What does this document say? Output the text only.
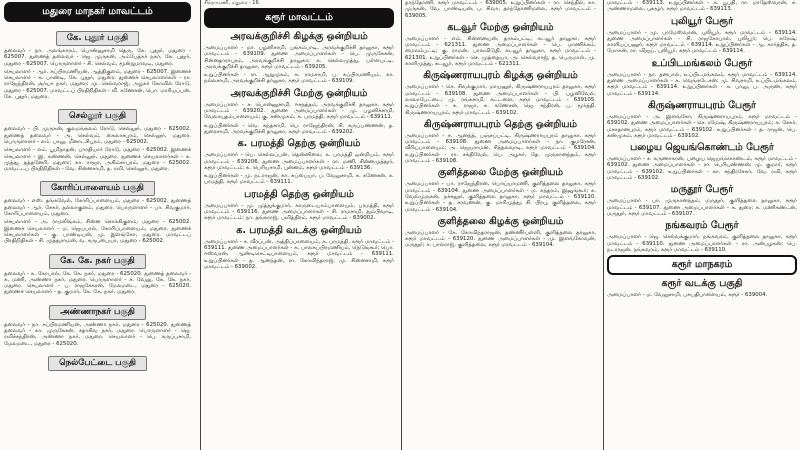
மதுரை மாநகர் மாவட்டம்
கே. புதூர் பகுதி

தலைவர் - நா. அலங்காரம், பொன்னுசாமி தெரு, கே. புதூர், மதுரை - 625007. துணைத் தலைவர் - ஜெ. முருகன், அம்பேத்கர் நகர், கே. புதூர், மதுரை - 625007. பொருளாளர் - சி. செல்வம், மூன்றுமாவடி, மதுரை.

செயலாளர் - ஆர். சுப்பிரமணியன், ஆத்திகுளம், மதுரை - 625007. இணைச் செயலாளர் - க. பாண்டி, கே. புதூர், மதுரை. துணைச் செயலாளர்கள் - ரா. ராஜேந்திரன், சூர்யா நகர், மதுரை; மு. செல்வராஜ், அழகர் கோவில் ரோடு, மதுரை - 625007. மாவட்டப் பிரதிநிதிகள் - வீ. கணேசன், பொ. மாரியப்பன், கே. புதூர், மதுரை.

செல்லூர் பகுதி

தலைவர் - பி. முருகன், குலமங்கலம் ரோடு, செல்லூர், மதுரை - 625002. துணைத் தலைவர் - அ. செல்வம், கைலாசபுரம், செல்லூர், மதுரை. பொருளாளர் - எம். பாலு, மீனாட்சிபுரம், மதுரை - 625002.

செயலாளர் - எம். பூமிநாதன், பாரதியார் ரோடு, மதுரை - 625002. இணைச் செயலாளர் - இ. கண்ணன், செல்லூர், மதுரை. துணைச் செயலாளர்கள் - சு. முத்து, தத்தனேரி, மதுரை; கா. ராஜா, அகிம்சாபுரம், மதுரை - 625002. மாவட்டப் பிரதிநிதிகள் - வே. சின்னசாமி, த. ரவி, செல்லூர், மதுரை.

கோரிப்பாளையம் பகுதி

தலைவர் - எஸ். தங்கவேல், கோரிப்பாளையம், மதுரை - 625002. துணைத் தலைவர் - ஆர். சேகர், தல்லாகுளம், மதுரை. பொருளாளர் - பா. சிவகுமார், கோரிப்பாளையம், மதுரை.

செயலாளர் - அ. ராமலிங்கம், சின்ன சொக்கிகுளம், மதுரை - 625002. இணைச் செயலாளர் - ம. ஜெயபால், கோரிப்பாளையம், மதுரை. துணைச் செயலாளர்கள் - கு. பாண்டியன், மு. இளங்கோ, மதுரை. மாவட்டப் பிரதிநிதிகள் - சி. முத்துராமன், வ. கருப்பையா, மதுரை - 625002.

கே. கே. நகர் பகுதி

தலைவர் - க. கோபால், கே. கே. நகர், மதுரை - 625020. துணைத் தலைவர் - சு. மணி, அண்ணா நகர், மதுரை. பொருளாளர் - ச. வேலு, கே. கே. நகர், மதுரை. செயலாளர் - ப. ராஜசேகரன், மேலமடை, மதுரை - 625020. துணைச் செயலாளர் - த. குமார், கே. கே. நகர், மதுரை.

அண்ணாநகர் பகுதி

தலைவர் - நா. சுப்பிரமணியன், அண்ணா நகர், மதுரை - 625020. துணைத் தலைவர் - கா. முருகேசன், சதாசிவ நகர், மதுரை. பொருளாளர் - ஜெ. ரவிச்சந்திரன், அண்ணா நகர், மதுரை. செயலாளர் - பெ. கருப்பசாமி, மேலமடை, மதுரை - 625020.

நெல்பேட்டை பகுதி
சிந்தாமணி, மதுரை - 16.
கரூர் மாவட்டம்
அரவக்குறிச்சி கிழக்கு ஒன்றியம்

அமைப்பாளர் - மா. பழனிசாமி, புங்கம்பாடி, அரவக்குறிச்சி தாலுகா, கரூர் மாவட்டம் - 639109. துணை அமைப்பாளர்கள் - பெ. முருகேசன், சின்னதாராபுரம், அரவக்குறிச்சி தாலுகா; க. செல்லமுத்து, பள்ளபட்டி, அரவக்குறிச்சி தாலுகா, கரூர் மாவட்டம் - 639205.

உறுப்பினர்கள் - ரா. ஆறுமுகம், சு. ராமசாமி, ப. சுப்பிரமணியம், கா. நல்லசாமி, அரவக்குறிச்சி தாலுகா, கரூர் மாவட்டம் - 639109.

அரவக்குறிச்சி மேற்கு ஒன்றியம்

அமைப்பாளர் - ச. பொன்னுசாமி, ஈசநத்தம், அரவக்குறிச்சி தாலுகா, கரூர் மாவட்டம் - 639202. துணை அமைப்பாளர்கள் - மு. பழனிச்சாமி, வேலாயுதம்பாளையம்; கு. சண்முகம், க. பரமத்தி, கரூர் மாவட்டம் - 639111.

உறுப்பினர்கள் - வெ. கந்தசாமி, பெ. ராஜேந்திரன், சி. கருப்பண்ணன், த. துரைசாமி, அரவக்குறிச்சி தாலுகா, கரூர் மாவட்டம் - 639202.

க. பரமத்தி தெற்கு ஒன்றியம்

அமைப்பாளர் - பெ. செல்லப்பன், தென்னிலை, க. பரமத்தி ஒன்றியம், கரூர் மாவட்டம் - 639206. துணை அமைப்பாளர்கள் - ரா. மணி, சின்னமுத்தூர், கரூர் மாவட்டம்; க. பெரியசாமி, புன்னம், கரூர் மாவட்டம் - 639136.

உறுப்பினர்கள் - மு. நடராஜன், கா. சுப்பையா, ப. வேலுசாமி, சு. கணேசன், க. பரமத்தி, கரூர் மாவட்டம் - 639111.

பரமத்தி தெற்கு ஒன்றியம்

அமைப்பாளர் - மு. முத்துக்குமார், காருடையாம்பாளையம், பரமத்தி, கரூர் மாவட்டம் - 639116. துணை அமைப்பாளர்கள் - சி. ராமசாமி, தும்பிவாடி, கரூர் மாவட்டம்; நா. தங்கராஜ், பவித்திரம், கரூர் மாவட்டம் - 639002.

க. பரமத்தி வடக்கு ஒன்றியம்

அமைப்பாளர் - ச. வீரப்பன், அத்திப்பாளையம், க. பரமத்தி, கரூர் மாவட்டம் - 639111. துணை அமைப்பாளர்கள் - க. பாலசுப்பிரமணியம், நெடுங்கூர்; பொ. ஈஸ்வரன், ஆண்டிசெட்டிபாளையம், கரூர் மாவட்டம் - 639111. உறுப்பினர்கள் - த. ஆனந்தன், ரா. கோவிந்தராஜ், மு. சின்னசாமி, கரூர் மாவட்டம் - 639002.

தாந்தோணி, கரூர் மாவட்டம் - 639005. உறுப்பினர்கள் - ரா. செந்தில், கா. முருகன், வே. பாண்டியன், ப. சிவா, தாந்தோணிமலை, கரூர் மாவட்டம் - 639005.

கடவூர் மேற்கு ஒன்றியம்

அமைப்பாளர் - எம். சின்னையன், தரகம்பட்டி, கடவூர் தாலுகா, கரூர் மாவட்டம் - 621311. துணை அமைப்பாளர்கள் - பெ. மாணிக்கம், மைலம்பட்டி; கு. ராமன், பாலவிடுதி, கடவூர் தாலுகா, கரூர் மாவட்டம் - 621301. உறுப்பினர்கள் - செ. முத்தையா, அ. செல்வராஜ், த. பெருமாள், மு. காளிமுத்து, கடவூர், கரூர் மாவட்டம் - 621311.

கிருஷ்ணராயபுரம் கிழக்கு ஒன்றியம்

அமைப்பாளர் - செ. சிவக்குமார், மாயனூர், கிருஷ்ணராயபுரம் தாலுகா, கரூர் மாவட்டம் - 639108. துணை அமைப்பாளர்கள் - பி. பழனிவேல், லாலாபேட்டை; மு. ரங்கசாமி, கட்டளை, கரூர் மாவட்டம் - 639105. உறுப்பினர்கள் - சு. ராஜா, க. கணேசன், ஜெ. சந்திரன், ப. மூர்த்தி, கிருஷ்ணராயபுரம், கரூர் மாவட்டம் - 639102.

கிருஷ்ணராயபுரம் தெற்கு ஒன்றியம்

அமைப்பாளர் - ச. ஆனந்த், பஞ்சப்பட்டி, கிருஷ்ணராயபுரம் தாலுகா, கரூர் மாவட்டம் - 639108. துணை அமைப்பாளர்கள் - நா. குமரேசன், வீரியபாளையம்; அ. ஜெயராமன், சிந்தலவாடி, கரூர் மாவட்டம் - 639104. உறுப்பினர்கள் - ரா. சக்திவேல், பெ. அழகர், தே. முருகானந்தம், கரூர் மாவட்டம் - 639108.

குளித்தலை மேற்கு ஒன்றியம்

அமைப்பாளர் - பா. ராஜேந்திரன், பொய்யாமணி, குளித்தலை தாலுகா, கரூர் மாவட்டம் - 639104. துணை அமைப்பாளர்கள் - ம. சுந்தரம், இனுங்கூர்; க. வேல்முருகன், நச்சலூர், குளித்தலை தாலுகா, கரூர் மாவட்டம் - 639110. உறுப்பினர்கள் - த. சரவணன், கு. மாரிமுத்து, சி. பிரபு, குளித்தலை, கரூர் மாவட்டம் - 639104.

குளித்தலை கிழக்கு ஒன்றியம்

அமைப்பாளர் - கே. கோவிந்தராஜன், தண்ணீர்பள்ளி, குளித்தலை தாலுகா, கரூர் மாவட்டம் - 639120. துணை அமைப்பாளர்கள் - மு. இளங்கோவன், மருதூர்; ச. பால்ராஜ், குளித்தலை, கரூர் மாவட்டம் - 639104.

மாவட்டம் - 639113. உறுப்பினர்கள் - க. பூபதி, ரா. மாதேஸ்வரன், சு. அண்ணாமலை, புகழூர், கரூர் மாவட்டம் - 639113.

புலியூர் பேரூர்

அமைப்பாளர் - மு. பரமேஸ்வரன், புலியூர், கரூர் மாவட்டம் - 639114. துணை அமைப்பாளர்கள் - சி. ராஜகோபால், புலியூர்; பெ. சுரேஷ், காளியப்பனூர், கரூர் மாவட்டம் - 639114. உறுப்பினர்கள் - ஆ. கார்த்திக், த. மோகன், ரா. விஜய், புலியூர், கரூர் மாவட்டம் - 639114.

உப்பிடமங்கலம் பேரூர்

அமைப்பாளர் - நா. தனபால், உப்பிடமங்கலம், கரூர் மாவட்டம் - 639114. துணை அமைப்பாளர்கள் - க. வெங்கடேசன்; மு. சிவசாமி, உப்பிடமங்கலம், கரூர் மாவட்டம் - 639114. உறுப்பினர்கள் - சு. பாலு, ப. அருண், கரூர் மாவட்டம் - 639114.

கிருஷ்ணராயபுரம் பேரூர்

அமைப்பாளர் - அ. இளங்கோ, கிருஷ்ணராயபுரம், கரூர் மாவட்டம் - 639102. துணை அமைப்பாளர்கள் - செ. ரமேஷ், கிருஷ்ணராயபுரம்; க. சேகர், மகாதானபுரம், கரூர் மாவட்டம் - 639102. உறுப்பினர்கள் - த. ராஜன், பெ. சண்முகம், கரூர் மாவட்டம் - 639102.

பழைய ஜெயங்கொண்டம் பேரூர்

அமைப்பாளர் - ச. கருணாகரன், பழைய ஜெயங்கொண்டம், கரூர் மாவட்டம் - 639102. துணை அமைப்பாளர்கள் - ரா. பெரியண்ணன்; மு. குமார், கரூர் மாவட்டம் - 639102. உறுப்பினர்கள் - கா. சந்திரசேகர், வே. ரவி, கரூர் மாவட்டம் - 639102.

மருதூர் பேரூர்

அமைப்பாளர் - பா. முருகானந்தம், மருதூர், குளித்தலை தாலுகா, கரூர் மாவட்டம் - 639107. துணை அமைப்பாளர்கள் - க. துரை; சு. மணிகண்டன், மருதூர், கரூர் மாவட்டம் - 639107.

நங்கவரம் பேரூர்

அமைப்பாளர் - ஜெ. செல்வக்குமார், நங்கவரம், குளித்தலை தாலுகா, கரூர் மாவட்டம் - 639110. துணை அமைப்பாளர்கள் - ரா. அன்பழகன்; பெ. நடராஜன், நங்கவரம், கரூர் மாவட்டம் - 639110.

கரூர் மாநகரம்
கரூர் வடக்கு பகுதி

அமைப்பாளர் - ம. வேலுசாமி, பசுபதிபாளையம், கரூர் - 639004.
